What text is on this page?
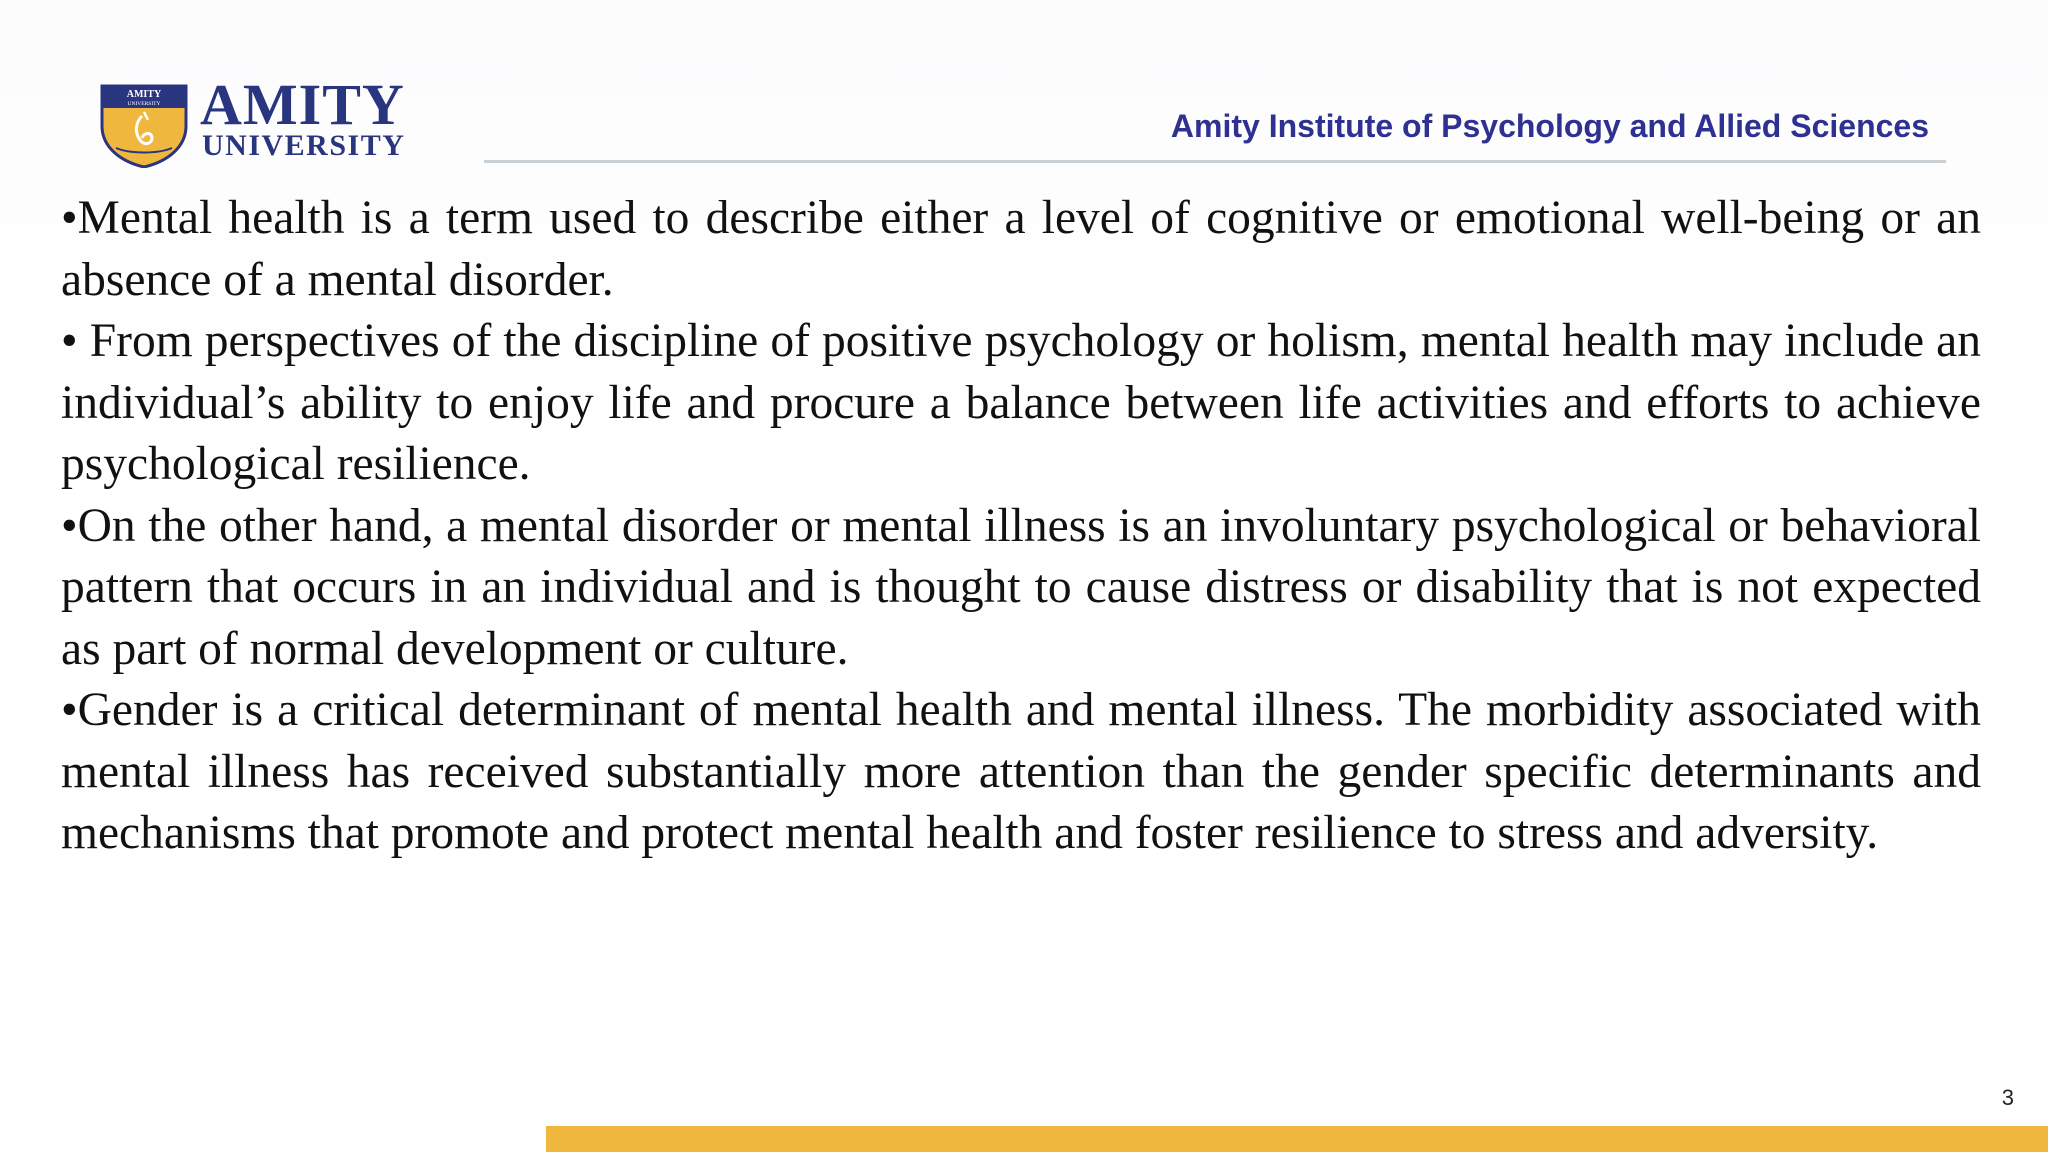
AMITY
UNIVERSITY AMITY
UNIVERSITY
Amity Institute of Psychology and Allied Sciences

•Mental health is a term used to describe either a level of cognitive or emotional well-being or an absence of a mental disorder.

• From perspectives of the discipline of positive psychology or holism, mental health may include an individual’s ability to enjoy life and procure a balance between life activities and efforts to achieve psychological resilience.

•On the other hand, a mental disorder or mental illness is an involuntary psychological or behavioral pattern that occurs in an individual and is thought to cause distress or disability that is not expected as part of normal development or culture.

•Gender is a critical determinant of mental health and mental illness. The morbidity associated with mental illness has received substantially more attention than the gender specific determinants and mechanisms that promote and protect mental health and foster resilience to stress and adversity.

3
